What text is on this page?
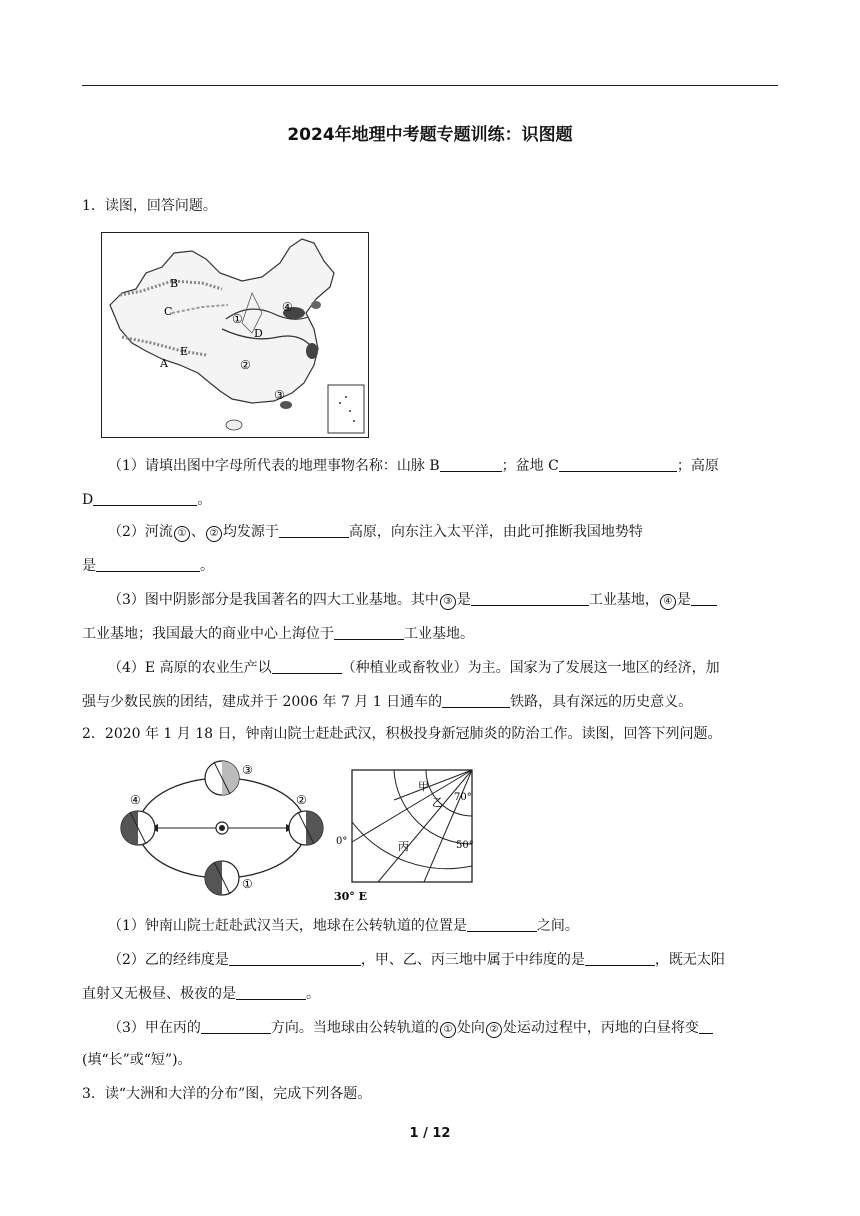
2024年地理中考题专题训练：识图题
1．读图，回答问题。
B
C
D
E
A
①
②
③
④
（1）请填出图中字母所代表的地理事物名称：山脉 B	；盆地 C	；高原
D	。
（2）河流 ① 、 ② 均发源于	高原，向东注入太平洋，由此可推断我国地势特
是	。
（3）图中阴影部分是我国著名的四大工业基地。其中 ③ 是	工业基地， ④ 是
工业基地；我国最大的商业中心上海位于	工业基地。
（4）E 高原的农业生产以	（种植业或畜牧业）为主。国家为了发展这一地区的经济，加
强与少数民族的团结，建成并于 2006 年 7 月 1 日通车的	铁路，具有深远的历史意义。
2．2020 年 1 月 18 日，钟南山院士赶赴武汉，积极投身新冠肺炎的防治工作。读图，回答下列问题。
③
①
④	②
甲
乙
丙
70°
50°
0°
30° E
（1）钟南山院士赶赴武汉当天，地球在公转轨道的位置是	之间。
（2）乙的经纬度是	，甲、乙、丙三地中属于中纬度的是	，既无太阳
直射又无极昼、极夜的是	。
（3）甲在丙的	方向。当地球由公转轨道的 ① 处向 ② 处运动过程中，丙地的白昼将变
(填“长”或“短”)。
3．读“大洲和大洋的分布”图，完成下列各题。
1 / 12
